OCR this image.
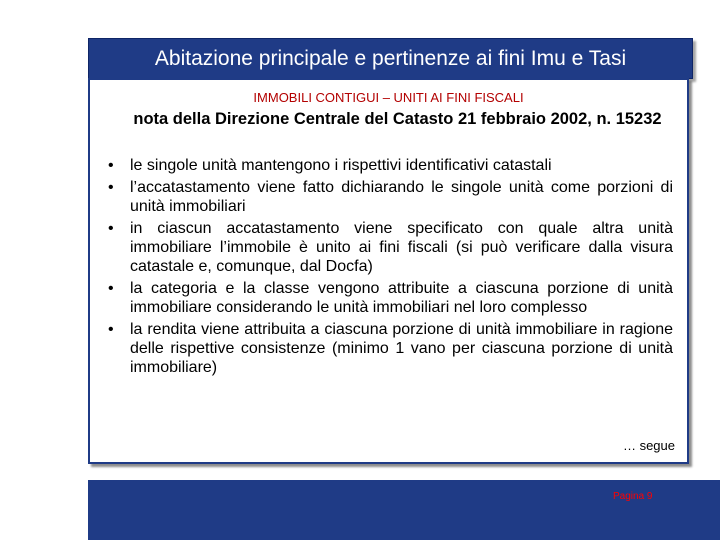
Abitazione principale e pertinenze ai fini Imu e Tasi
IMMOBILI CONTIGUI – UNITI AI FINI FISCALI
nota della Direzione Centrale del Catasto 21 febbraio 2002, n. 15232
• le singole unità mantengono i rispettivi identificativi catastali
• l’accatastamento viene fatto dichiarando le singole unità come porzioni di unità immobiliari
• in ciascun accatastamento viene specificato con quale altra unità immobiliare l’immobile è unito ai fini fiscali (si può verificare dalla visura catastale e, comunque, dal Docfa)
• la categoria e la classe vengono attribuite a ciascuna porzione di unità immobiliare considerando le unità immobiliari nel loro complesso
• la rendita viene attribuita a ciascuna porzione di unità immobiliare in ragione delle rispettive consistenze (minimo 1 vano per ciascuna porzione di unità immobiliare)
… segue
Pagina 9
